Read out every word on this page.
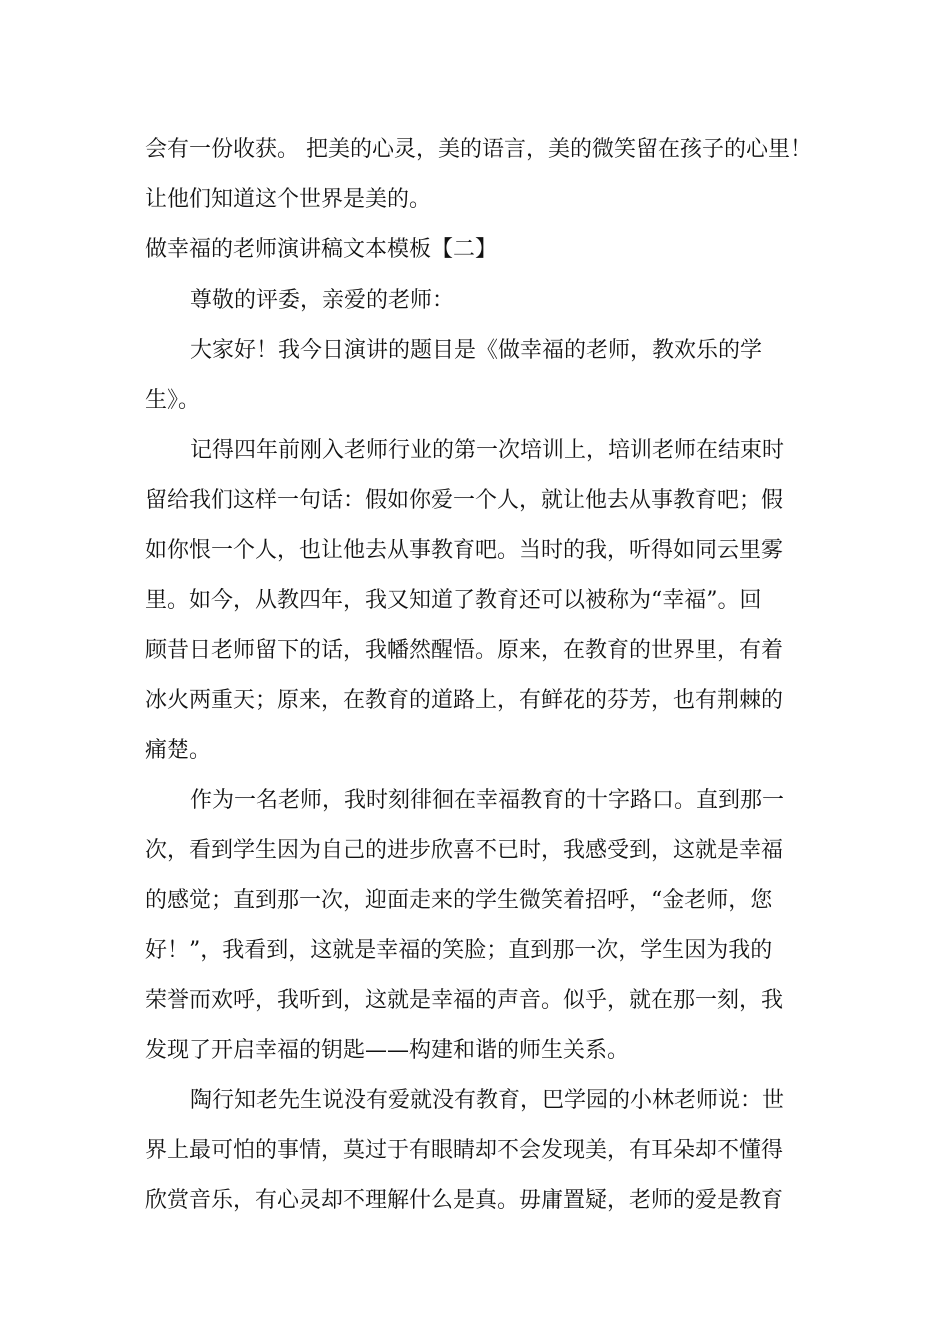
会有一份收获。 把美的心灵，美的语言，美的微笑留在孩子的心里！
让他们知道这个世界是美的。
做幸福的老师演讲稿文本模板【二】
尊敬的评委，亲爱的老师：
大家好！我今日演讲的题目是《做幸福的老师，教欢乐的学
生》。
记得四年前刚入老师行业的第一次培训上，培训老师在结束时
留给我们这样一句话：假如你爱一个人，就让他去从事教育吧；假
如你恨一个人，也让他去从事教育吧。当时的我，听得如同云里雾
里。如今，从教四年，我又知道了教育还可以被称为“幸福”。回
顾昔日老师留下的话，我幡然醒悟。原来，在教育的世界里，有着
冰火两重天；原来，在教育的道路上，有鲜花的芬芳，也有荆棘的
痛楚。
作为一名老师，我时刻徘徊在幸福教育的十字路口。直到那一
次，看到学生因为自己的进步欣喜不已时，我感受到，这就是幸福
的感觉；直到那一次，迎面走来的学生微笑着招呼，“金老师，您
好！”，我看到，这就是幸福的笑脸；直到那一次，学生因为我的
荣誉而欢呼，我听到，这就是幸福的声音。似乎，就在那一刻，我
发现了开启幸福的钥匙——构建和谐的师生关系。
陶行知老先生说没有爱就没有教育，巴学园的小林老师说：世
界上最可怕的事情，莫过于有眼睛却不会发现美，有耳朵却不懂得
欣赏音乐，有心灵却不理解什么是真。毋庸置疑，老师的爱是教育
